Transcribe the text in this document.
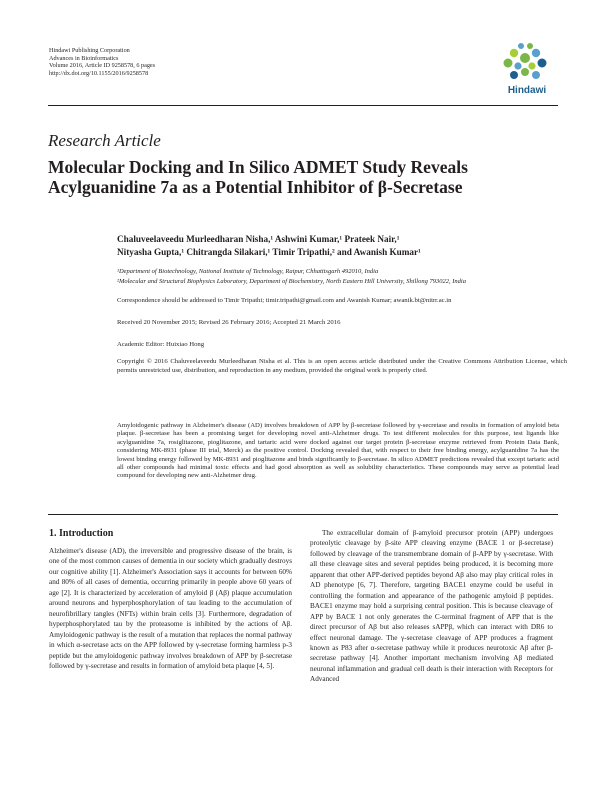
Hindawi Publishing Corporation
Advances in Bioinformatics
Volume 2016, Article ID 9258578, 6 pages
http://dx.doi.org/10.1155/2016/9258578
Hindawi
Research Article
Molecular Docking and In Silico ADMET Study Reveals
Acylguanidine 7a as a Potential Inhibitor of β-Secretase
Chaluveelaveedu Murleedharan Nisha,¹ Ashwini Kumar,¹ Prateek Nair,¹
Nityasha Gupta,¹ Chitrangda Silakari,¹ Timir Tripathi,² and Awanish Kumar¹
¹Department of Biotechnology, National Institute of Technology, Raipur, Chhattisgarh 492010, India
²Molecular and Structural Biophysics Laboratory, Department of Biochemistry, North Eastern Hill University, Shillong 793022, India
Correspondence should be addressed to Timir Tripathi; timir.tripathi@gmail.com and Awanish Kumar; awanik.bt@nitrr.ac.in
Received 20 November 2015; Revised 26 February 2016; Accepted 21 March 2016
Academic Editor: Huixiao Hong
Copyright © 2016 Chaluveelaveedu Murleedharan Nisha et al. This is an open access article distributed under the Creative Commons Attribution License, which permits unrestricted use, distribution, and reproduction in any medium, provided the original work is properly cited.
Amyloidogenic pathway in Alzheimer's disease (AD) involves breakdown of APP by β-secretase followed by γ-secretase and results in formation of amyloid beta plaque. β-secretase has been a promising target for developing novel anti-Alzheimer drugs. To test different molecules for this purpose, test ligands like acylguanidine 7a, rosiglitazone, pioglitazone, and tartaric acid were docked against our target protein β-secretase enzyme retrieved from Protein Data Bank, considering MK-8931 (phase III trial, Merck) as the positive control. Docking revealed that, with respect to their free binding energy, acylguanidine 7a has the lowest binding energy followed by MK-8931 and pioglitazone and binds significantly to β-secretase. In silico ADMET predictions revealed that except tartaric acid all other compounds had minimal toxic effects and had good absorption as well as solubility characteristics. These compounds may serve as potential lead compound for developing new anti-Alzheimer drug.
1. Introduction
Alzheimer's disease (AD), the irreversible and progressive disease of the brain, is one of the most common causes of dementia in our society which gradually destroys our cognitive ability [1]. Alzheimer's Association says it accounts for between 60% and 80% of all cases of dementia, occurring primarily in people above 60 years of age [2]. It is characterized by acceleration of amyloid β (Aβ) plaque accumulation around neurons and hyperphosphorylation of tau leading to the accumulation of neurofibrillary tangles (NFTs) within brain cells [3]. Furthermore, degradation of hyperphosphorylated tau by the proteasome is inhibited by the actions of Aβ. Amyloidogenic pathway is the result of a mutation that replaces the normal pathway in which α-secretase acts on the APP followed by γ-secretase forming harmless p-3 peptide but the amyloidogenic pathway involves breakdown of APP by β-secretase followed by γ-secretase and results in formation of amyloid beta plaque [4, 5].
The extracellular domain of β-amyloid precursor protein (APP) undergoes proteolytic cleavage by β-site APP cleaving enzyme (BACE 1 or β-secretase) followed by cleavage of the transmembrane domain of β-APP by γ-secretase. With all these cleavage sites and several peptides being produced, it is becoming more apparent that other APP-derived peptides beyond Aβ also may play critical roles in AD phenotype [6, 7]. Therefore, targeting BACE1 enzyme could be useful in controlling the formation and appearance of the pathogenic amyloid β peptides. BACE1 enzyme may hold a surprising central position. This is because cleavage of APP by BACE 1 not only generates the C-terminal fragment of APP that is the direct precursor of Aβ but also releases sAPPβ, which can interact with DR6 to effect neuronal damage. The γ-secretase cleavage of APP produces a fragment known as P83 after α-secretase pathway while it produces neurotoxic Aβ after β-secretase pathway [4]. Another important mechanism involving Aβ mediated neuronal inflammation and gradual cell death is their interaction with Receptors for Advanced
